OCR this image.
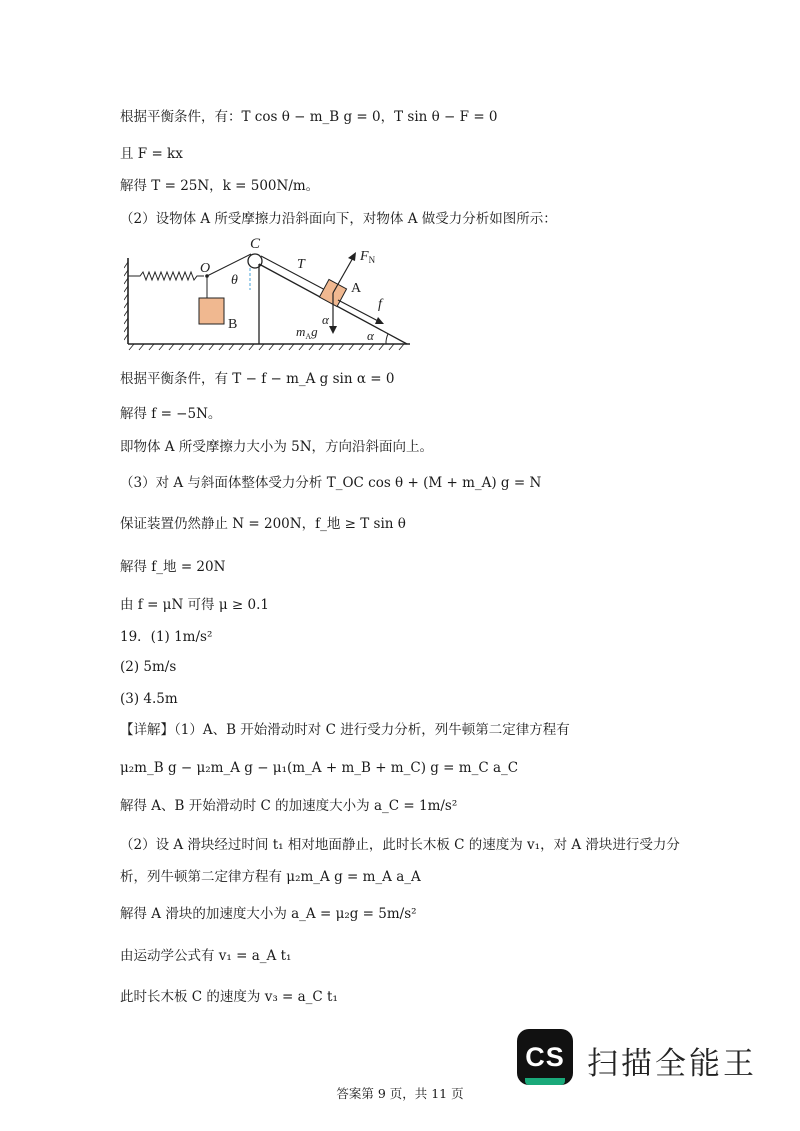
根据平衡条件，有：T cos θ − m_B g = 0，T sin θ − F = 0
且 F = kx
解得 T = 25N，k = 500N/m。
（2）设物体 A 所受摩擦力沿斜面向下，对物体 A 做受力分析如图所示：
O
B
C
θ
T
A
$F_N$
f
$m_Ag$
α
α
根据平衡条件，有 T − f − m_A g sin α = 0
解得 f = −5N。
即物体 A 所受摩擦力大小为 5N，方向沿斜面向上。
（3）对 A 与斜面体整体受力分析 T_OC cos θ + (M + m_A) g = N
保证装置仍然静止 N = 200N，f_地 ≥ T sin θ
解得 f_地 = 20N
由 f = μN 可得 μ ≥ 0.1
19．(1) 1m/s²
(2) 5m/s
(3) 4.5m
【详解】（1）A、B 开始滑动时对 C 进行受力分析，列牛顿第二定律方程有
μ₂m_B g − μ₂m_A g − μ₁(m_A + m_B + m_C) g = m_C a_C
解得 A、B 开始滑动时 C 的加速度大小为 a_C = 1m/s²
（2）设 A 滑块经过时间 t₁ 相对地面静止，此时长木板 C 的速度为 v₁，对 A 滑块进行受力分
析，列牛顿第二定律方程有 μ₂m_A g = m_A a_A
解得 A 滑块的加速度大小为 a_A = μ₂g = 5m/s²
由运动学公式有 v₁ = a_A t₁
此时长木板 C 的速度为 v₃ = a_C t₁
CS 扫描全能王
答案第 9 页，共 11 页
